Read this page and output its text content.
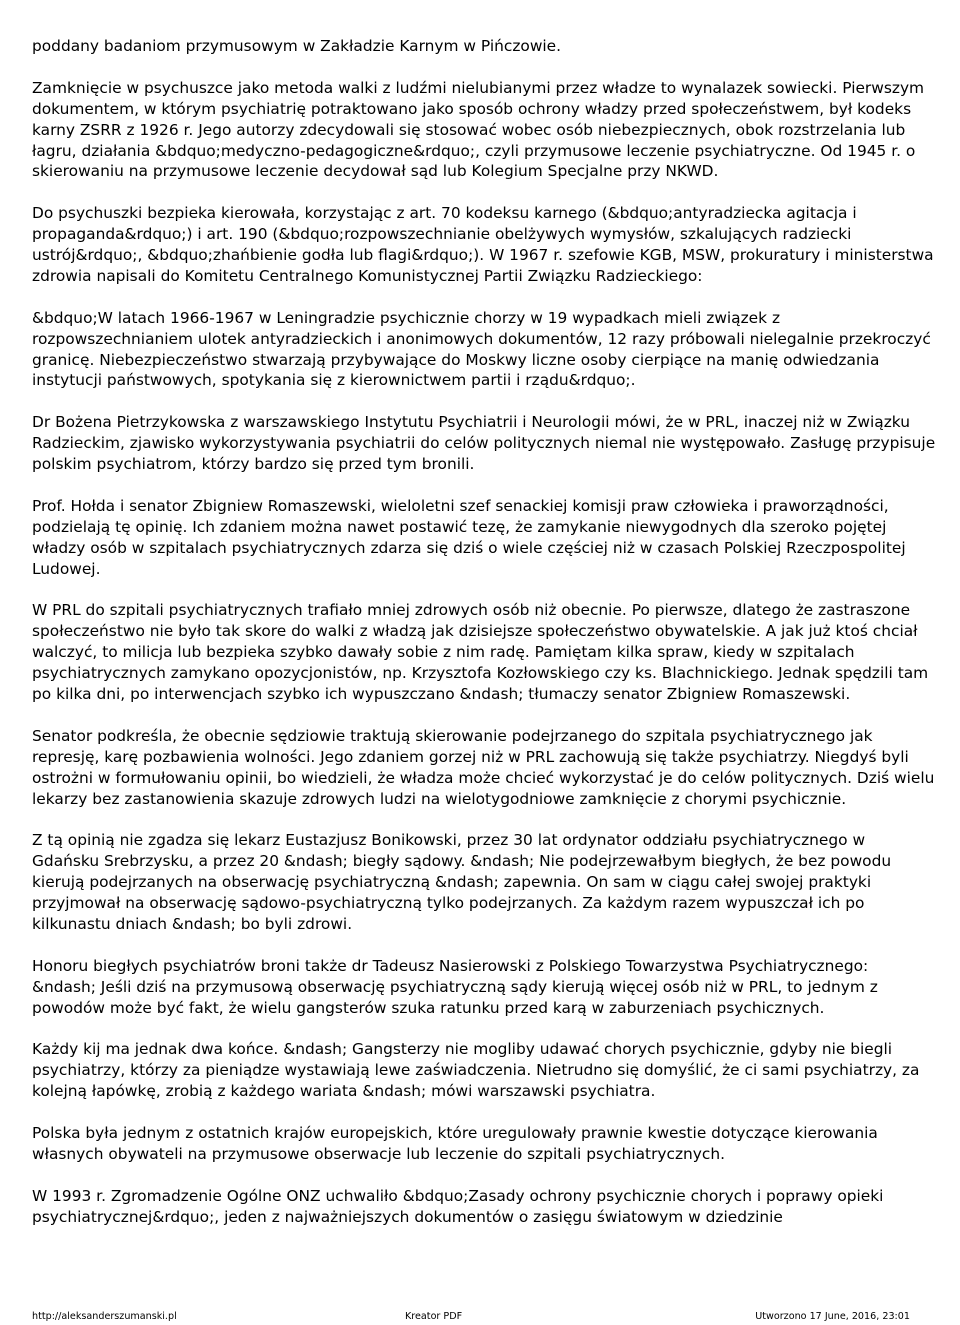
poddany badaniom przymusowym w Zakładzie Karnym w Pińczowie.

Zamknięcie w psychuszce jako metoda walki z ludźmi nielubianymi przez władze to wynalazek sowiecki. Pierwszym dokumentem, w którym psychiatrię potraktowano jako sposób ochrony władzy przed społeczeństwem, był kodeks karny ZSRR z 1926 r. Jego autorzy zdecydowali się stosować wobec osób niebezpiecznych, obok rozstrzelania lub łagru, działania &bdquo;medyczno-pedagogiczne&rdquo;, czyli przymusowe leczenie psychiatryczne. Od 1945 r. o skierowaniu na przymusowe leczenie decydował sąd lub Kolegium Specjalne przy NKWD.

Do psychuszki bezpieka kierowała, korzystając z art. 70 kodeksu karnego (&bdquo;antyradziecka agitacja i propaganda&rdquo;) i art. 190 (&bdquo;rozpowszechnianie obelżywych wymysłów, szkalujących radziecki ustrój&rdquo;, &bdquo;zhańbienie godła lub flagi&rdquo;). W 1967 r. szefowie KGB, MSW, prokuratury i ministerstwa zdrowia napisali do Komitetu Centralnego Komunistycznej Partii Związku Radzieckiego:

&bdquo;W latach 1966-1967 w Leningradzie psychicznie chorzy w 19 wypadkach mieli związek z rozpowszechnianiem ulotek antyradzieckich i anonimowych dokumentów, 12 razy próbowali nielegalnie przekroczyć granicę. Niebezpieczeństwo stwarzają przybywające do Moskwy liczne osoby cierpiące na manię odwiedzania instytucji państwowych, spotykania się z kierownictwem partii i rządu&rdquo;.

Dr Bożena Pietrzykowska z warszawskiego Instytutu Psychiatrii i Neurologii mówi, że w PRL, inaczej niż w Związku Radzieckim, zjawisko wykorzystywania psychiatrii do celów politycznych niemal nie występowało. Zasługę przypisuje polskim psychiatrom, którzy bardzo się przed tym bronili.

Prof. Hołda i senator Zbigniew Romaszewski, wieloletni szef senackiej komisji praw człowieka i praworządności, podzielają tę opinię. Ich zdaniem można nawet postawić tezę, że zamykanie niewygodnych dla szeroko pojętej władzy osób w szpitalach psychiatrycznych zdarza się dziś o wiele częściej niż w czasach Polskiej Rzeczpospolitej Ludowej.

W PRL do szpitali psychiatrycznych trafiało mniej zdrowych osób niż obecnie. Po pierwsze, dlatego że zastraszone społeczeństwo nie było tak skore do walki z władzą jak dzisiejsze społeczeństwo obywatelskie. A jak już ktoś chciał walczyć, to milicja lub bezpieka szybko dawały sobie z nim radę. Pamiętam kilka spraw, kiedy w szpitalach psychiatrycznych zamykano opozycjonistów, np. Krzysztofa Kozłowskiego czy ks. Blachnickiego. Jednak spędzili tam po kilka dni, po interwencjach szybko ich wypuszczano &ndash; tłumaczy senator Zbigniew Romaszewski.

Senator podkreśla, że obecnie sędziowie traktują skierowanie podejrzanego do szpitala psychiatrycznego jak represję, karę pozbawienia wolności. Jego zdaniem gorzej niż w PRL zachowują się także psychiatrzy. Niegdyś byli ostrożni w formułowaniu opinii, bo wiedzieli, że władza może chcieć wykorzystać je do celów politycznych. Dziś wielu lekarzy bez zastanowienia skazuje zdrowych ludzi na wielotygodniowe zamknięcie z chorymi psychicznie.

Z tą opinią nie zgadza się lekarz Eustazjusz Bonikowski, przez 30 lat ordynator oddziału psychiatrycznego w Gdańsku Srebrzysku, a przez 20 &ndash; biegły sądowy. &ndash; Nie podejrzewałbym biegłych, że bez powodu kierują podejrzanych na obserwację psychiatryczną &ndash; zapewnia. On sam w ciągu całej swojej praktyki przyjmował na obserwację sądowo-psychiatryczną tylko podejrzanych. Za każdym razem wypuszczał ich po kilkunastu dniach &ndash; bo byli zdrowi.

Honoru biegłych psychiatrów broni także dr Tadeusz Nasierowski z Polskiego Towarzystwa Psychiatrycznego: &ndash; Jeśli dziś na przymusową obserwację psychiatryczną sądy kierują więcej osób niż w PRL, to jednym z powodów może być fakt, że wielu gangsterów szuka ratunku przed karą w zaburzeniach psychicznych.

Każdy kij ma jednak dwa końce. &ndash; Gangsterzy nie mogliby udawać chorych psychicznie, gdyby nie biegli psychiatrzy, którzy za pieniądze wystawiają lewe zaświadczenia. Nietrudno się domyślić, że ci sami psychiatrzy, za kolejną łapówkę, zrobią z każdego wariata &ndash; mówi warszawski psychiatra.

Polska była jednym z ostatnich krajów europejskich, które uregulowały prawnie kwestie dotyczące kierowania własnych obywateli na przymusowe obserwacje lub leczenie do szpitali psychiatrycznych.

W 1993 r. Zgromadzenie Ogólne ONZ uchwaliło &bdquo;Zasady ochrony psychicznie chorych i poprawy opieki psychiatrycznej&rdquo;, jeden z najważniejszych dokumentów o zasięgu światowym w dziedzinie

http://aleksanderszumanski.pl	Kreator PDF	Utworzono 17 June, 2016, 23:01
